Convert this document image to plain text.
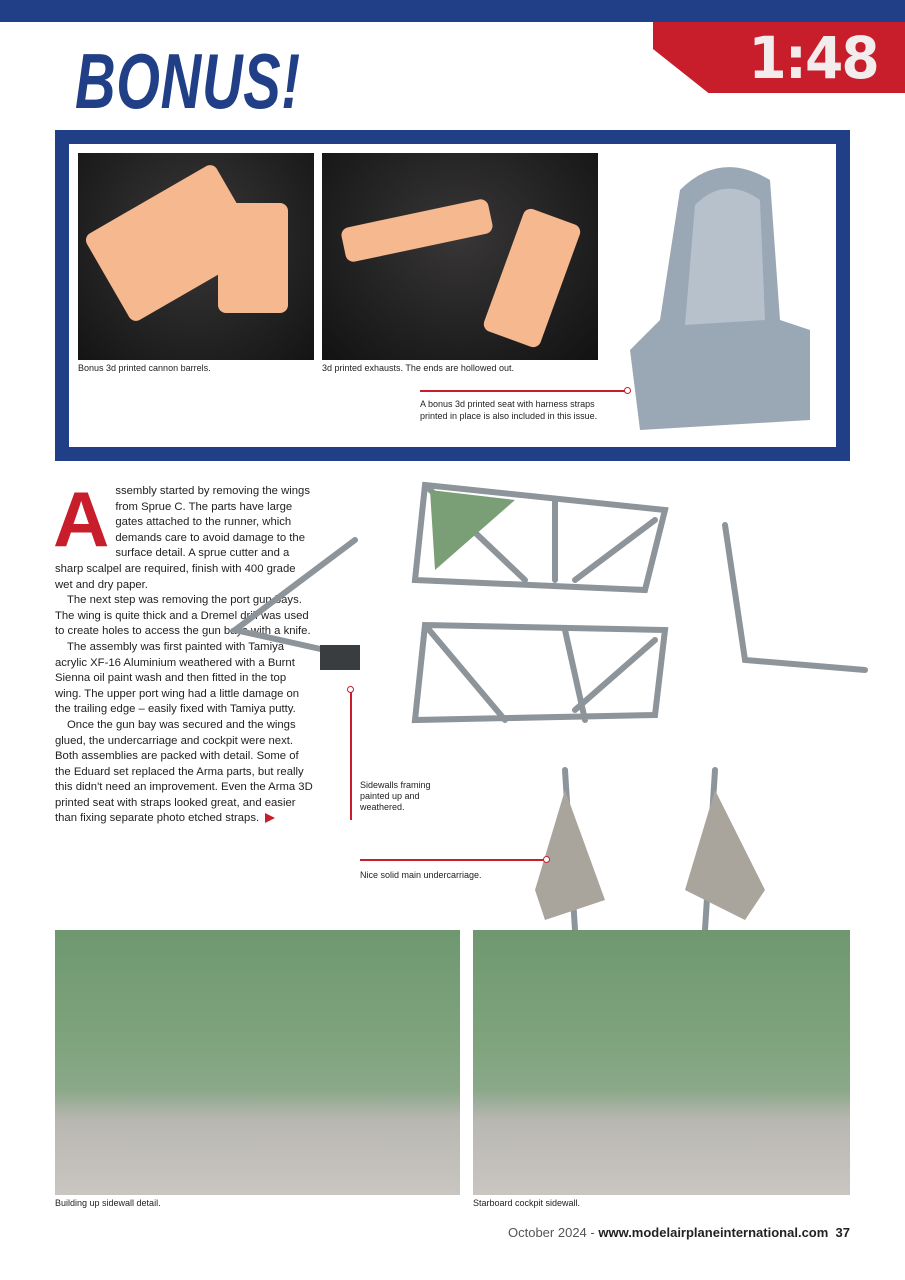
1:48
BONUS!
Bonus 3d printed cannon barrels.	3d printed exhausts. The ends are hollowed out.
A bonus 3d printed seat with harness straps printed in place is also included in this issue.
A ssembly started by removing the wings from Sprue C. The parts have large gates attached to the runner, which demands care to avoid damage to the surface detail. A sprue cutter and a sharp scalpel are required, finish with 400 grade wet and dry paper.

The next step was removing the port gun bays. The wing is quite thick and a Dremel drill was used to create holes to access the gun bays with a knife.

The assembly was first painted with Tamiya acrylic XF-16 Aluminium weathered with a Burnt Sienna oil paint wash and then fitted in the top wing. The upper port wing had a little damage on the trailing edge – easily fixed with Tamiya putty.

Once the gun bay was secured and the wings glued, the undercarriage and cockpit were next. Both assemblies are packed with detail. Some of the Eduard set replaced the Arma parts, but really this didn't need an improvement. Even the Arma 3D printed seat with straps looked great, and easier than fixing separate photo etched straps.

Sidewalls framing painted up and weathered.
Nice solid main undercarriage.
Building up sidewall detail.	Starboard cockpit sidewall.
October 2024 - www.modelairplaneinternational.com 37
